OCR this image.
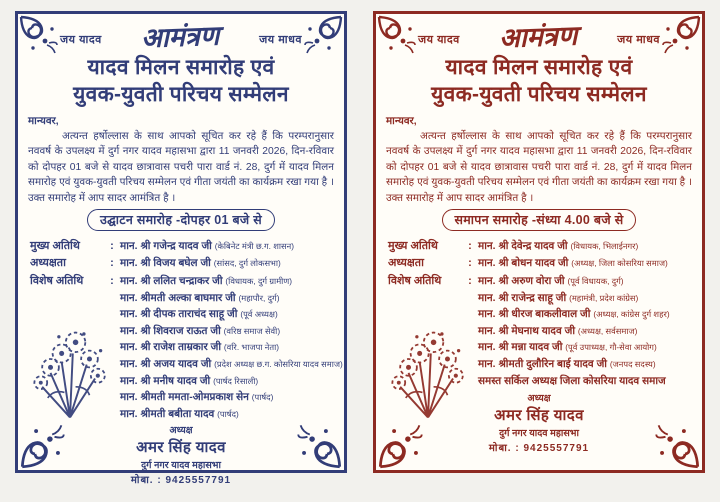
जय यादव आमंत्रण	जय माधव
यादव मिलन समारोह एवं
युवक-युवती परिचय सम्मेलन
मान्यवर,
अत्यन्त हर्षोल्लास के साथ आपको सूचित कर रहे हैं कि परम्परानुसार नववर्ष के उपलक्ष्य में दुर्ग नगर यादव महासभा द्वारा 11 जनवरी 2026, दिन-रविवार को दोपहर 01 बजे से यादव छात्रावास पचरी पारा वार्ड नं. 28, दुर्ग में यादव मिलन समारोह एवं युवक-युवती परिचय सम्मेलन एवं गीता जयंती का कार्यक्रम रखा गया है । उक्त समारोह में आप सादर आमंत्रित है ।
उद्घाटन समारोह -दोपहर 01 बजे से
मुख्य अतिथि	: मान. श्री गजेन्द्र यादव जी (केबिनेट मंत्री छ.ग. शासन)
अध्यक्षता	: मान. श्री विजय बघेल जी (सांसद, दुर्ग लोकसभा)
विशेष अतिथि	: मान. श्री ललित चन्द्राकर जी (विधायक, दुर्ग ग्रामीण)
मान. श्रीमती अल्का बाघमार जी (महापौर, दुर्ग)
मान. श्री दीपक ताराचंद साहू जी (पूर्व अध्यक्ष)
मान. श्री शिवराज राऊत जी (वरिष्ठ समाज सेवी)
मान. श्री राजेश ताम्रकार जी (वरि. भाजपा नेता)
मान. श्री अजय यादव जी (प्रदेश अध्यक्ष छ.ग. कोसरिया यादव समाज)
मान. श्री मनीष यादव जी (पार्षद रिसाली)
मान. श्रीमती ममता-ओमप्रकाश सेन (पार्षद)
मान. श्रीमती बबीता यादव (पार्षद)
अध्यक्ष
अमर सिंह यादव
दुर्ग नगर यादव महासभा
मोबा. : 9425557791
जय यादव आमंत्रण	जय माधव
यादव मिलन समारोह एवं
युवक-युवती परिचय सम्मेलन
मान्यवर,
अत्यन्त हर्षोल्लास के साथ आपको सूचित कर रहे हैं कि परम्परानुसार नववर्ष के उपलक्ष्य में दुर्ग नगर यादव महासभा द्वारा 11 जनवरी 2026, दिन-रविवार को दोपहर 01 बजे से यादव छात्रावास पचरी पारा वार्ड नं. 28, दुर्ग में यादव मिलन समारोह एवं युवक-युवती परिचय सम्मेलन एवं गीता जयंती का कार्यक्रम रखा गया है । उक्त समारोह में आप सादर आमंत्रित है ।
समापन समारोह -संध्या 4.00 बजे से
मुख्य अतिथि	: मान. श्री देवेन्द्र यादव जी (विधायक, भिलाईनगर)
अध्यक्षता	: मान. श्री बोधन यादव जी (अध्यक्ष, जिला कोसरिया समाज)
विशेष अतिथि	: मान. श्री अरुण वोरा जी (पूर्व विधायक, दुर्ग)
मान. श्री राजेन्द्र साहू जी (महामंत्री, प्रदेश कांग्रेस)
मान. श्री धीरज बाकलीवाल जी (अध्यक्ष, कांग्रेस दुर्ग शहर)
मान. श्री मेघनाथ यादव जी (अध्यक्ष, सर्वसमाज)
मान. श्री मन्ना यादव जी (पूर्व उपाध्यक्ष, गौ-सेवा आयोग)
मान. श्रीमती दुलौरिन बाई यादव जी (जनपद सदस्य)
समस्त सर्किल अध्यक्ष जिला कोसरिया यादव समाज
अध्यक्ष
अमर सिंह यादव
दुर्ग नगर यादव महासभा
मोबा. : 9425557791
